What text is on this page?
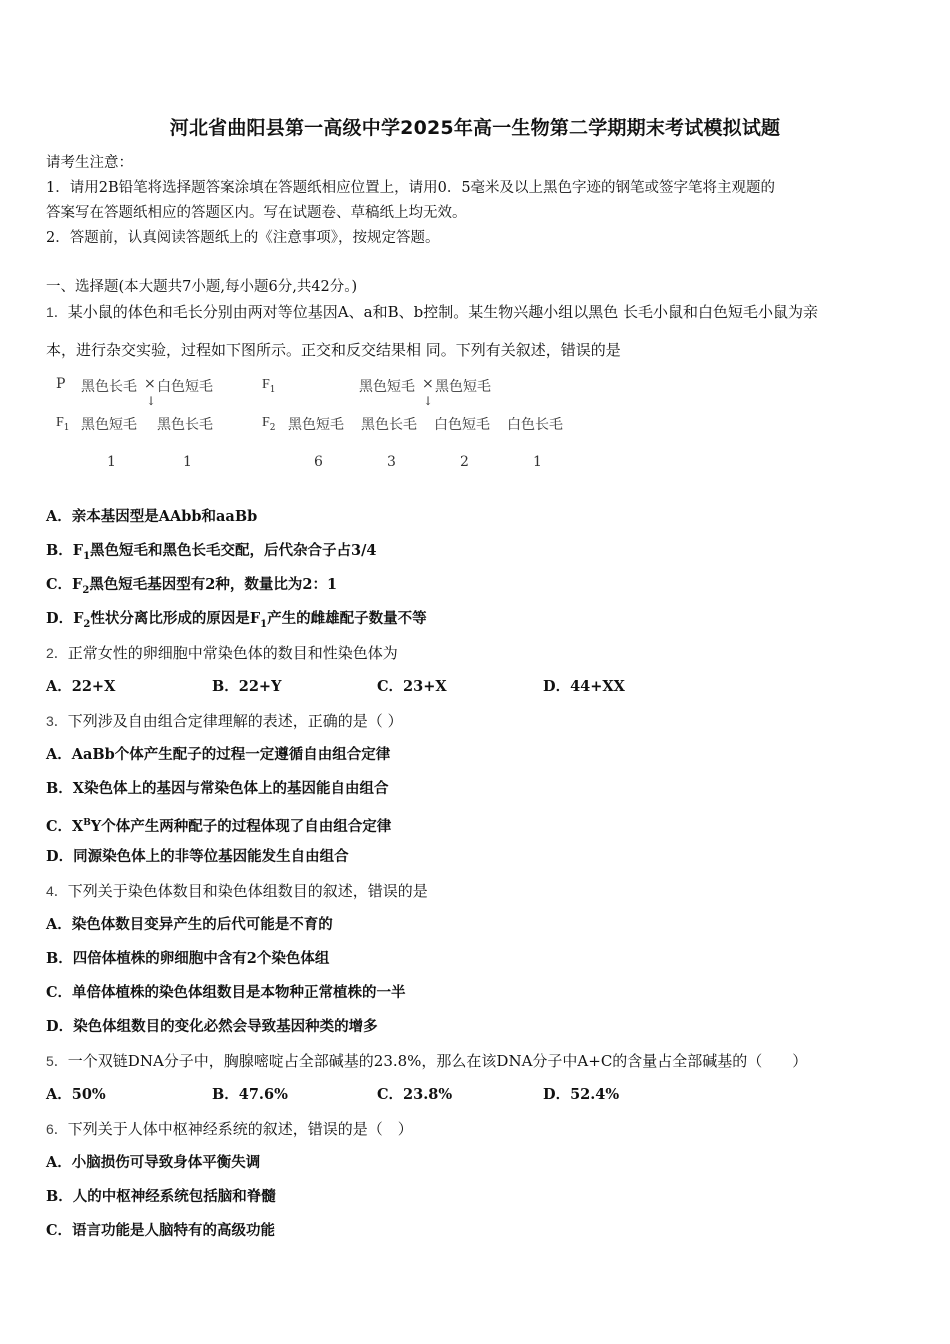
河北省曲阳县第一高级中学2025年高一生物第二学期期末考试模拟试题
请考生注意：
1．请用2B铅笔将选择题答案涂填在答题纸相应位置上，请用0．5毫米及以上黑色字迹的钢笔或签字笔将主观题的
答案写在答题纸相应的答题区内。写在试题卷、草稿纸上均无效。
2．答题前，认真阅读答题纸上的《注意事项》，按规定答题。
一、选择题(本大题共7小题,每小题6分,共42分。)
1．某小鼠的体色和毛长分别由两对等位基因A、a和B、b控制。某生物兴趣小组以黑色 长毛小鼠和白色短毛小鼠为亲
本，进行杂交实验，过程如下图所示。正交和反交结果相 同。下列有关叙述，错误的是
P 黑色长毛 × 白色短毛
↓
$F_1$ 黑色短毛 黑色长毛
1	1
$F_1$	黑色短毛 × 黑色短毛
↓
$F_2$ 黑色短毛 黑色长毛 白色短毛 白色长毛
6	3	2	1
A．亲本基因型是AAbb和aaBb
B．$F_1$黑色短毛和黑色长毛交配，后代杂合子占3/4
C．$F_2$黑色短毛基因型有2种，数量比为2：1
D．$F_2$性状分离比形成的原因是$F_1$产生的雌雄配子数量不等
2．正常女性的卵细胞中常染色体的数目和性染色体为
A．22+X	B．22+Y	C．23+X	D．44+XX
3．下列涉及自由组合定律理解的表述，正确的是（ ）
A．AaBb个体产生配子的过程一定遵循自由组合定律
B．X染色体上的基因与常染色体上的基因能自由组合
C．$X^BY$个体产生两种配子的过程体现了自由组合定律
D．同源染色体上的非等位基因能发生自由组合
4．下列关于染色体数目和染色体组数目的叙述，错误的是
A．染色体数目变异产生的后代可能是不育的
B．四倍体植株的卵细胞中含有2个染色体组
C．单倍体植株的染色体组数目是本物种正常植株的一半
D．染色体组数目的变化必然会导致基因种类的增多
5．一个双链DNA分子中，胸腺嘧啶占全部碱基的23.8%，那么在该DNA分子中A+C的含量占全部碱基的（　　）
A．50%	B．47.6%	C．23.8%	D．52.4%
6．下列关于人体中枢神经系统的叙述，错误的是（　）
A．小脑损伤可导致身体平衡失调
B．人的中枢神经系统包括脑和脊髓
C．语言功能是人脑特有的高级功能
